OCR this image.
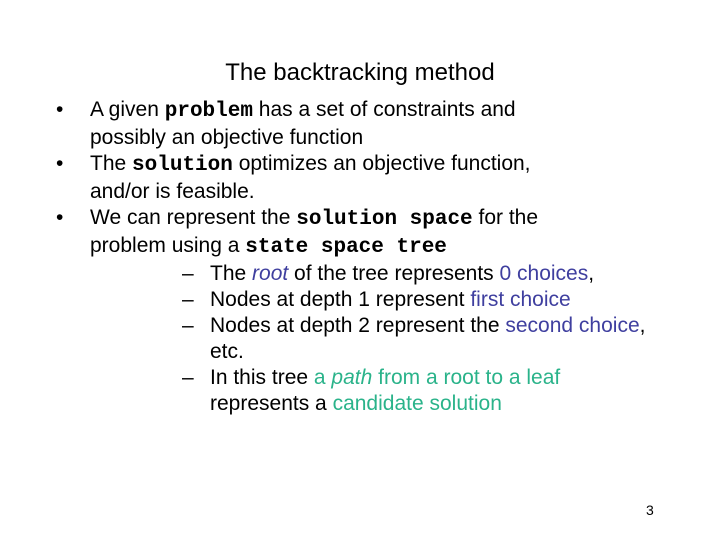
The backtracking method
• A given problem has a set of constraints and
possibly an objective function
• The solution optimizes an objective function,
and/or is feasible.
• We can represent the solution space for the
problem using a state space tree
– The root of the tree represents 0 choices,
– Nodes at depth 1 represent first choice
– Nodes at depth 2 represent the second choice,
etc.
– In this tree a path from a root to a leaf
represents a candidate solution
3
